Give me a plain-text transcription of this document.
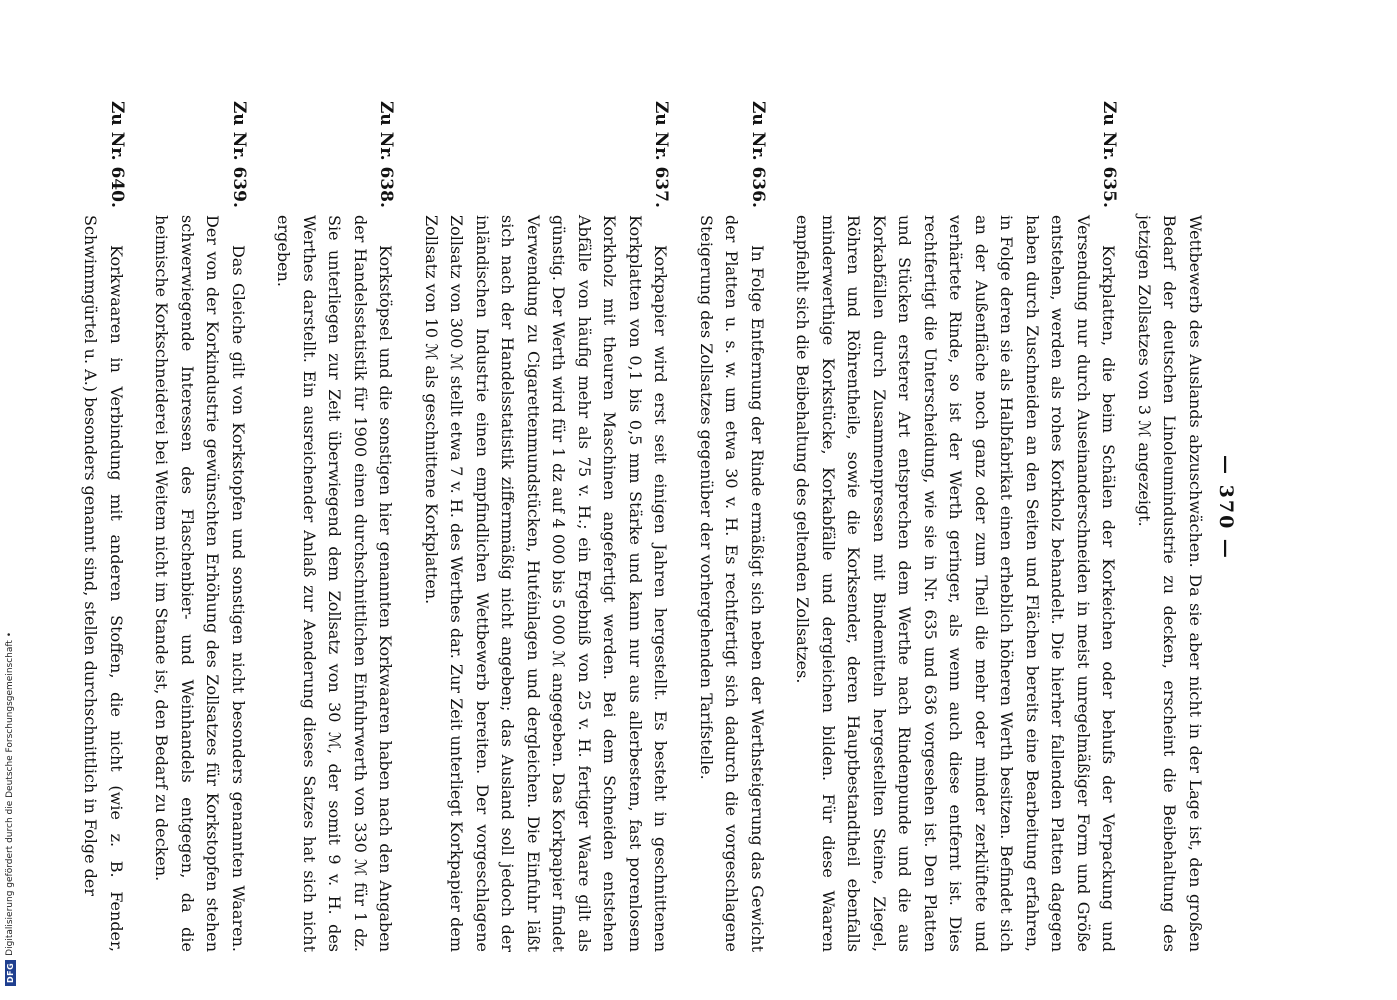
DFG
Digitalisierung gefördert durch die Deutsche Forschungsgemeinschaft •
— 370 —
Wettbewerb des Auslands abzuschwächen. Da sie aber nicht in der Lage ist, den großen Bedarf der deutschen Linoleumindustrie zu decken, erscheint die Beibehaltung des jetzigen Zollsatzes von 3 ℳ angezeigt.
Zu Nr. 635.
Korkplatten, die beim Schälen der Korkeichen oder behufs der Verpackung und Versendung nur durch Auseinanderschneiden in meist unregelmäßiger Form und Größe entstehen, werden als rohes Korkholz behandelt. Die hierher fallenden Platten dagegen haben durch Zuschneiden an den Seiten und Flächen bereits eine Bearbeitung erfahren, in Folge deren sie als Halbfabrikat einen erheblich höheren Werth besitzen. Befindet sich an der Außenfläche noch ganz oder zum Theil die mehr oder minder zerklüftete und verhärtete Rinde, so ist der Werth geringer, als wenn auch diese entfernt ist. Dies rechtfertigt die Unterscheidung, wie sie in Nr. 635 und 636 vorgesehen ist. Den Platten und Stücken ersterer Art entsprechen dem Werthe nach Rindenpunde und die aus Korkabfällen durch Zusammenpressen mit Bindemitteln hergestellten Steine, Ziegel, Röhren und Röhrentheile, sowie die Korksender, deren Hauptbestandtheil ebenfalls minderwerthige Korkstücke, Korkabfälle und dergleichen bilden. Für diese Waaren empfiehlt sich die Beibehaltung des geltenden Zollsatzes.
Zu Nr. 636.
In Folge Entfernung der Rinde ermäßigt sich neben der Werthsteigerung das Gewicht der Platten u. s. w. um etwa 30 v. H. Es rechtfertigt sich dadurch die vorgeschlagene Steigerung des Zollsatzes gegenüber der vorhergehenden Tarifstelle.
Zu Nr. 637.
Korkpapier wird erst seit einigen Jahren hergestellt. Es besteht in geschnittenen Korkplatten von 0,1 bis 0,5 mm Stärke und kann nur aus allerbestem, fast porenlosem Korkholz mit theuren Maschinen angefertigt werden. Bei dem Schneiden entstehen Abfälle von häufig mehr als 75 v. H.; ein Ergebniß von 25 v. H. fertiger Waare gilt als günstig. Der Werth wird für 1 dz auf 4 000 bis 5 000 ℳ angegeben. Das Korkpapier findet Verwendung zu Cigarettenmundstücken, Hutéinlagen und dergleichen. Die Einfuhr läßt sich nach der Handelsstatistik ziffernmäßig nicht angeben; das Ausland soll jedoch der inländischen Industrie einen empfindlichen Wettbewerb bereiten. Der vorgeschlagene Zollsatz von 300 ℳ stellt etwa 7 v. H. des Werthes dar. Zur Zeit unterliegt Korkpapier dem Zollsatz von 10 ℳ als geschnittene Korkplatten.
Zu Nr. 638.
Korkstöpsel und die sonstigen hier genannten Korkwaaren haben nach den Angaben der Handelsstatistik für 1900 einen durchschnittlichen Einfuhrwerth von 330 ℳ für 1 dz. Sie unterliegen zur Zeit überwiegend dem Zollsatz von 30 ℳ, der somit 9 v. H. des Werthes darstellt. Ein ausreichender Anlaß zur Aenderung dieses Satzes hat sich nicht ergeben.
Zu Nr. 639.
Das Gleiche gilt von Korkstopfen und sonstigen nicht besonders genannten Waaren. Der von der Korkindustrie gewünschten Erhöhung des Zollsatzes für Korkstopfen stehen schwerwiegende Interessen des Flaschenbier- und Weinhandels entgegen, da die heimische Korkschneiderei bei Weitem nicht im Stande ist, den Bedarf zu decken.
Zu Nr. 640.
Korkwaaren in Verbindung mit anderen Stoffen, die nicht (wie z. B. Fender, Schwimmgürtel u. A.) besonders genannt sind, stellen durchschnittlich in Folge der
